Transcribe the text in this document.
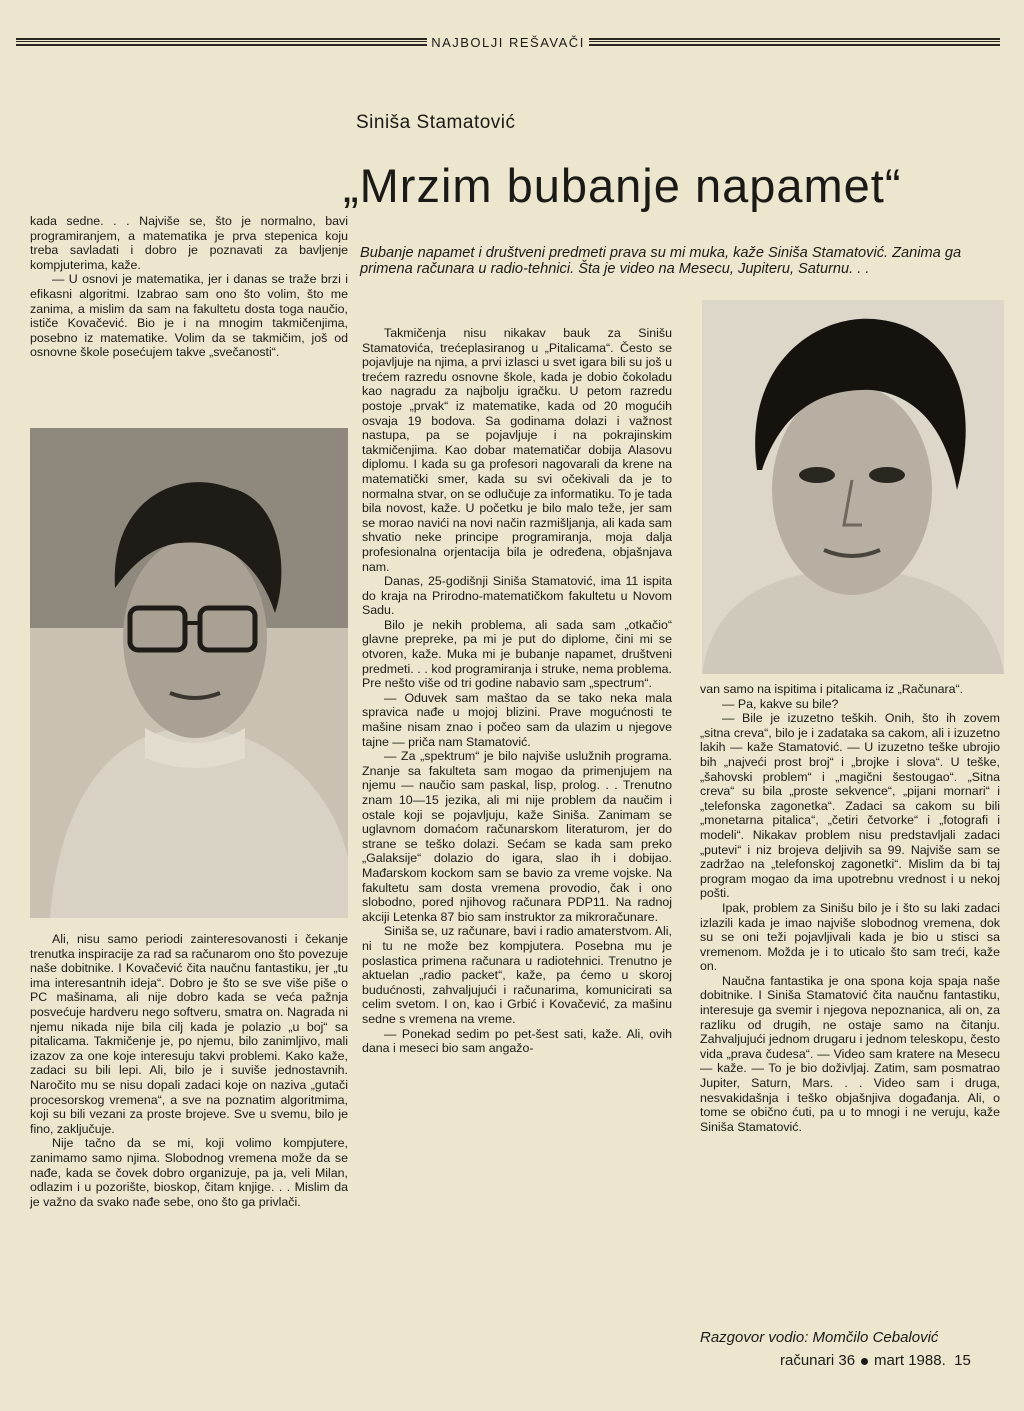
NAJBOLJI REŠAVAČI
Siniša Stamatović
„Mrzim bubanje napamet“

Bubanje napamet i društveni predmeti prava su mi muka, kaže Siniša Stamatović. Zanima ga primena računara u radio-tehnici. Šta je video na Mesecu, Jupiteru, Saturnu. . .

kada sedne. . . Najviše se, što je normalno, bavi programiranjem, a matematika je prva stepenica koju treba savladati i dobro je poznavati za bavljenje kompjuterima, kaže.

— U osnovi je matematika, jer i danas se traže brzi i efikasni algoritmi. Izabrao sam ono što volim, što me zanima, a mislim da sam na fakultetu dosta toga naučio, ističe Kovačević. Bio je i na mnogim takmičenjima, posebno iz matematike. Volim da se takmičim, još od osnovne škole posećujem takve „svečanosti“.

Ali, nisu samo periodi zainteresovanosti i čekanje trenutka inspiracije za rad sa računarom ono što povezuje naše dobitnike. I Kovačević čita naučnu fantastiku, jer „tu ima interesantnih ideja“. Dobro je što se sve više piše o PC mašinama, ali nije dobro kada se veća pažnja posvećuje hardveru nego softveru, smatra on. Nagrada ni njemu nikada nije bila cilj kada je polazio „u boj“ sa pitalicama. Takmičenje je, po njemu, bilo zanimljivo, mali izazov za one koje interesuju takvi problemi. Kako kaže, zadaci su bili lepi. Ali, bilo je i suviše jednostavnih. Naročito mu se nisu dopali zadaci koje on naziva „gutači procesorskog vremena“, a sve na poznatim algoritmima, koji su bili vezani za proste brojeve. Sve u svemu, bilo je fino, zaključuje.

Nije tačno da se mi, koji volimo kompjutere, zanimamo samo njima. Slobodnog vremena može da se nađe, kada se čovek dobro organizuje, pa ja, veli Milan, odlazim i u pozorište, bioskop, čitam knjige. . . Mislim da je važno da svako nađe sebe, ono što ga privlači.

Takmičenja nisu nikakav bauk za Sinišu Stamatovića, trećeplasiranog u „Pitalicama“. Često se pojavljuje na njima, a prvi izlasci u svet igara bili su još u trećem razredu osnovne škole, kada je dobio čokoladu kao nagradu za najbolju igračku. U petom razredu postoje „prvak“ iz matematike, kada od 20 mogućih osvaja 19 bodova. Sa godinama dolazi i važnost nastupa, pa se pojavljuje i na pokrajinskim takmičenjima. Kao dobar matematičar dobija Alasovu diplomu. I kada su ga profesori nagovarali da krene na matematički smer, kada su svi očekivali da je to normalna stvar, on se odlučuje za informatiku. To je tada bila novost, kaže. U početku je bilo malo teže, jer sam se morao navići na novi način razmišljanja, ali kada sam shvatio neke principe programiranja, moja dalja profesionalna orjentacija bila je određena, objašnjava nam.

Danas, 25-godišnji Siniša Stamatović, ima 11 ispita do kraja na Prirodno-matematičkom fakultetu u Novom Sadu.

Bilo je nekih problema, ali sada sam „otkačio“ glavne prepreke, pa mi je put do diplome, čini mi se otvoren, kaže. Muka mi je bubanje napamet, društveni predmeti. . . kod programiranja i struke, nema problema. Pre nešto više od tri godine nabavio sam „spectrum“.

— Oduvek sam maštao da se tako neka mala spravica nađe u mojoj blizini. Prave mogućnosti te mašine nisam znao i počeo sam da ulazim u njegove tajne — priča nam Stamatović.

— Za „spektrum“ je bilo najviše uslužnih programa. Znanje sa fakulteta sam mogao da primenjujem na njemu — naučio sam paskal, lisp, prolog. . . Trenutno znam 10—15 jezika, ali mi nije problem da naučim i ostale koji se pojavljuju, kaže Siniša. Zanimam se uglavnom domaćom računarskom literaturom, jer do strane se teško dolazi. Sećam se kada sam preko „Galaksije“ dolazio do igara, slao ih i dobijao. Mađarskom kockom sam se bavio za vreme vojske. Na fakultetu sam dosta vremena provodio, čak i ono slobodno, pored njihovog računara PDP11. Na radnoj akciji Letenka 87 bio sam instruktor za mikroračunare.

Siniša se, uz računare, bavi i radio amaterstvom. Ali, ni tu ne može bez kompjutera. Posebna mu je poslastica primena računara u radiotehnici. Trenutno je aktuelan „radio packet“, kaže, pa ćemo u skoroj budućnosti, zahvaljujući i računarima, komunicirati sa celim svetom. I on, kao i Grbić i Kovačević, za mašinu sedne s vremena na vreme.

— Ponekad sedim po pet-šest sati, kaže. Ali, ovih dana i meseci bio sam angažo-

van samo na ispitima i pitalicama iz „Računara“.

— Pa, kakve su bile?

— Bile je izuzetno teških. Onih, što ih zovem „sitna creva“, bilo je i zadataka sa cakom, ali i izuzetno lakih — kaže Stamatović. — U izuzetno teške ubrojio bih „najveći prost broj“ i „brojke i slova“. U teške, „šahovski problem“ i „magični šestougao“. „Sitna creva“ su bila „proste sekvence“, „pijani mornari“ i „telefonska zagonetka“. Zadaci sa cakom su bili „monetarna pitalica“, „četiri četvorke“ i „fotografi i modeli“. Nikakav problem nisu predstavljali zadaci „putevi“ i niz brojeva deljivih sa 99. Najviše sam se zadržao na „telefonskoj zagonetki“. Mislim da bi taj program mogao da ima upotrebnu vrednost i u nekoj pošti.

Ipak, problem za Sinišu bilo je i što su laki zadaci izlazili kada je imao najviše slobodnog vremena, dok su se oni teži pojavljivali kada je bio u stisci sa vremenom. Možda je i to uticalo što sam treći, kaže on.

Naučna fantastika je ona spona koja spaja naše dobitnike. I Siniša Stamatović čita naučnu fantastiku, interesuje ga svemir i njegova nepoznanica, ali on, za razliku od drugih, ne ostaje samo na čitanju. Zahvaljujući jednom drugaru i jednom teleskopu, često vida „prava čudesa“. — Video sam kratere na Mesecu — kaže. — To je bio doživljaj. Zatim, sam posmatrao Jupiter, Saturn, Mars. . . Video sam i druga, nesvakidašnja i teško objašnjiva događanja. Ali, o tome se obično ćuti, pa u to mnogi i ne veruju, kaže Siniša Stamatović.

Razgovor vodio: Momčilo Cebalović
računari 36 mart 1988. 15
